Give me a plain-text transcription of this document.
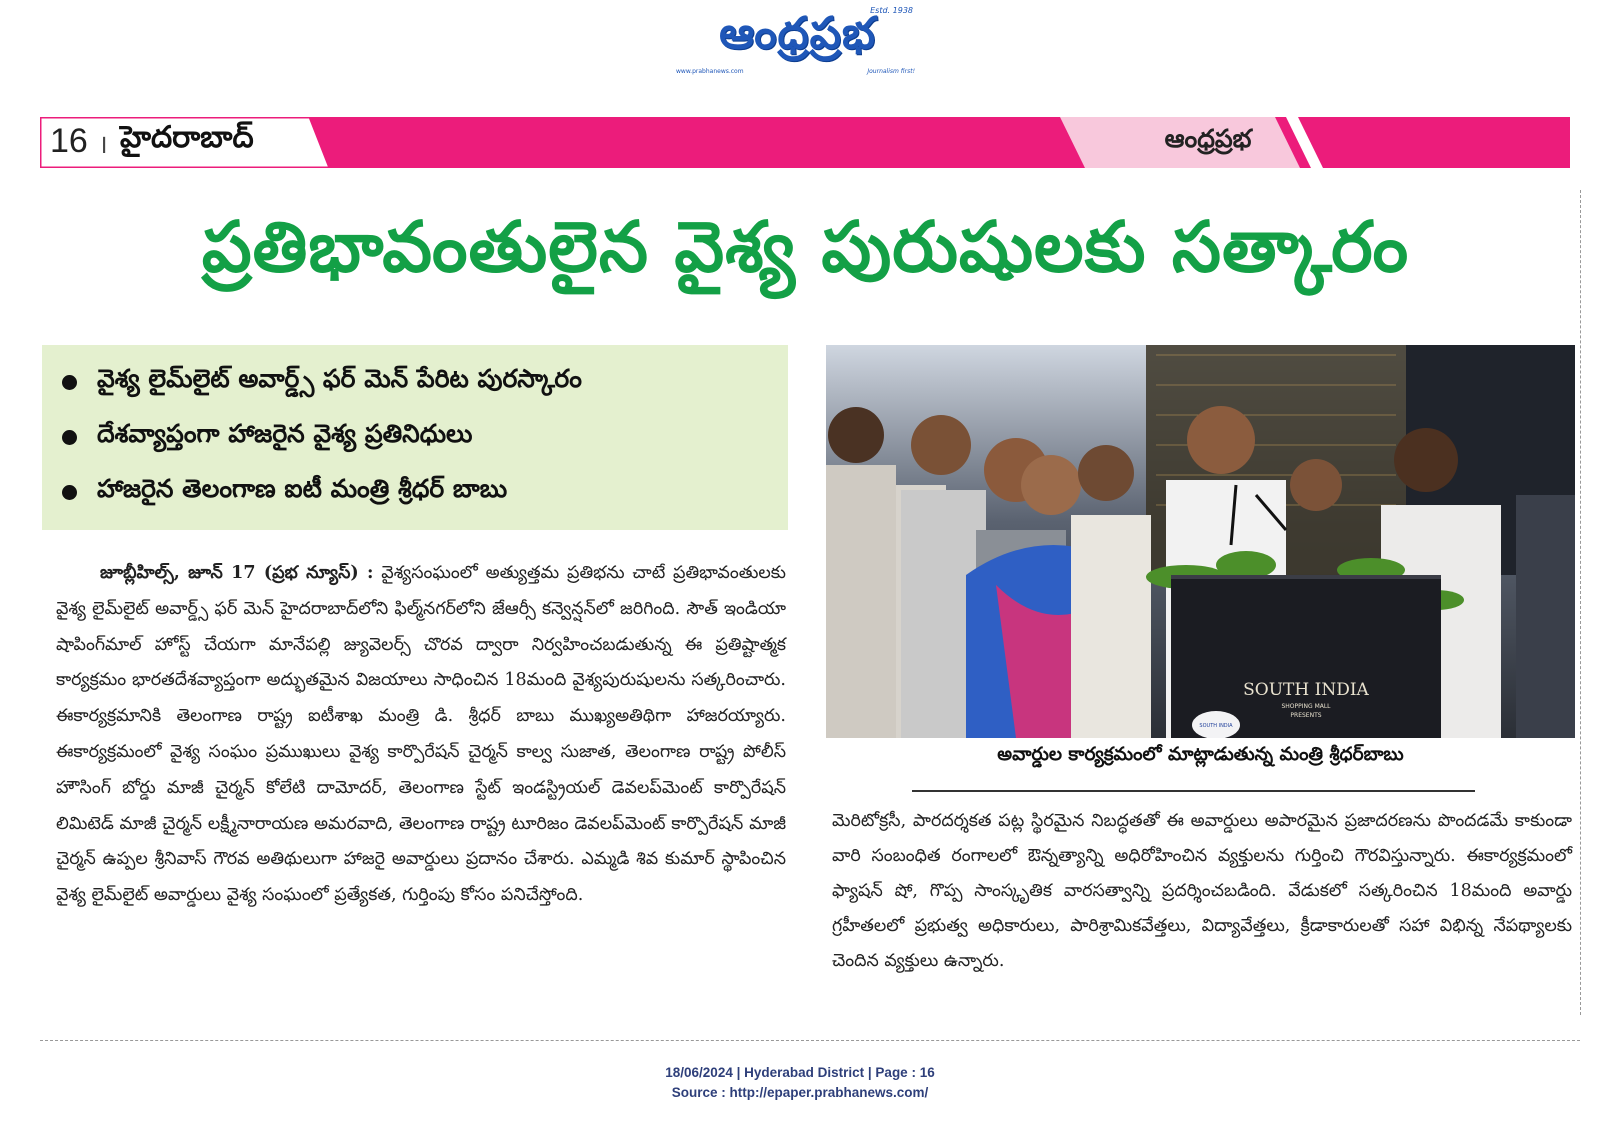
Estd. 1938
ఆంధ్రప్రభ
www.prabhanews.com	Journalism first!
16 । హైదరాబాద్	ఆంధ్రప్రభ
ప్రతిభావంతులైన వైశ్య పురుషులకు సత్కారం
వైశ్య లైమ్‌లైట్ అవార్డ్స్ ఫర్ మెన్ పేరిట పురస్కారం
దేశవ్యాప్తంగా హాజరైన వైశ్య ప్రతినిధులు
హాజరైన తెలంగాణ ఐటీ మంత్రి శ్రీధర్ బాబు
జూబ్లీహిల్స్, జూన్ 17 (ప్రభ న్యూస్) : వైశ్యసంఘంలో అత్యుత్తమ ప్రతిభను చాటే ప్రతిభావంతులకు వైశ్య లైమ్‌లైట్ అవార్డ్స్ ఫర్ మెన్ హైదరాబాద్‌లోని ఫిల్మ్‌నగర్‌లోని జేఆర్సీ కన్వెన్షన్‌లో జరిగింది. సౌత్ ఇండియా షాపింగ్‌మాల్ హోస్ట్ చేయగా మానేపల్లి జ్యువెలర్స్ చొరవ ద్వారా నిర్వహించబడుతున్న ఈ ప్రతిష్టాత్మక కార్యక్రమం భారతదేశవ్యాప్తంగా అద్భుతమైన విజయాలు సాధించిన 18మంది వైశ్యపురుషులను సత్కరించారు. ఈకార్యక్రమానికి తెలంగాణ రాష్ట్ర ఐటీశాఖ మంత్రి డి. శ్రీధర్ బాబు ముఖ్యఅతిథిగా హాజరయ్యారు. ఈకార్యక్రమంలో వైశ్య సంఘం ప్రముఖులు వైశ్య కార్పొరేషన్ చైర్మన్ కాల్వ సుజాత, తెలంగాణ రాష్ట్ర పోలీస్ హౌసింగ్ బోర్డు మాజీ చైర్మన్ కోలేటి దామోదర్, తెలంగాణ స్టేట్ ఇండస్ట్రియల్ డెవలప్‌మెంట్ కార్పొరేషన్ లిమిటెడ్ మాజీ చైర్మన్ లక్ష్మీనారాయణ అమరవాది, తెలంగాణ రాష్ట్ర టూరిజం డెవలప్‌మెంట్ కార్పొరేషన్ మాజీ చైర్మన్ ఉప్పల శ్రీనివాస్ గౌరవ అతిథులుగా హాజరై అవార్డులు ప్రదానం చేశారు. ఎమ్మడి శివ కుమార్ స్థాపించిన వైశ్య లైమ్‌లైట్ అవార్డులు వైశ్య సంఘంలో ప్రత్యేకత, గుర్తింపు కోసం పనిచేస్తోంది.
SOUTH INDIA
SHOPPING MALL
PRESENTS
SOUTH INDIA
అవార్డుల కార్యక్రమంలో మాట్లాడుతున్న మంత్రి శ్రీధర్‌బాబు
మెరిటోక్రసీ, పారదర్శకత పట్ల స్థిరమైన నిబద్ధతతో ఈ అవార్డులు అపారమైన ప్రజాదరణను పొందడమే కాకుండా వారి సంబంధిత రంగాలలో ఔన్నత్యాన్ని అధిరోహించిన వ్యక్తులను గుర్తించి గౌరవిస్తున్నారు. ఈకార్యక్రమంలో ఫ్యాషన్ షో, గొప్ప సాంస్కృతిక వారసత్వాన్ని ప్రదర్శించబడింది. వేడుకలో సత్కరించిన 18మంది అవార్డు గ్రహీతలలో ప్రభుత్వ అధికారులు, పారిశ్రామికవేత్తలు, విద్యావేత్తలు, క్రీడాకారులతో సహా విభిన్న నేపథ్యాలకు చెందిన వ్యక్తులు ఉన్నారు.
18/06/2024 | Hyderabad District | Page : 16
Source : http://epaper.prabhanews.com/
